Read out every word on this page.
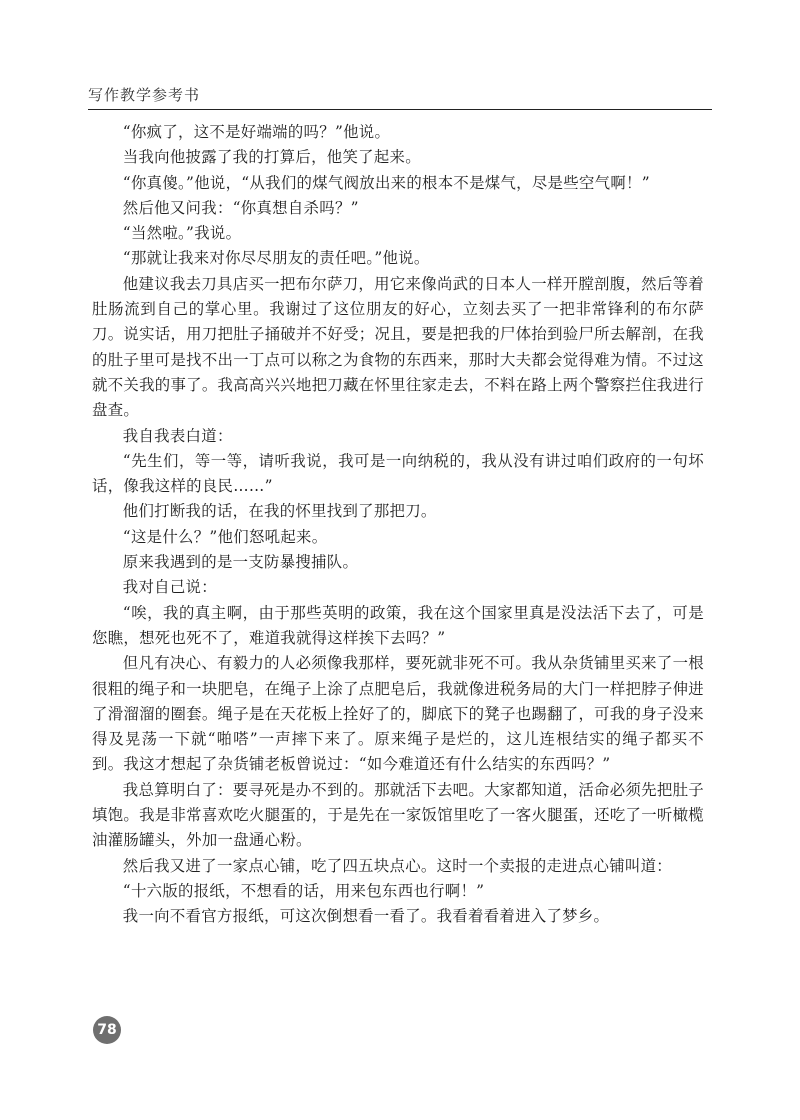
写作教学参考书

“你疯了，这不是好端端的吗？”他说。

当我向他披露了我的打算后，他笑了起来。

“你真傻。”他说，“从我们的煤气阀放出来的根本不是煤气，尽是些空气啊！”

然后他又问我：“你真想自杀吗？”

“当然啦。”我说。

“那就让我来对你尽尽朋友的责任吧。”他说。

他建议我去刀具店买一把布尔萨刀，用它来像尚武的日本人一样开膛剖腹，然后等着肚肠流到自己的掌心里。我谢过了这位朋友的好心，立刻去买了一把非常锋利的布尔萨刀。说实话，用刀把肚子捅破并不好受；况且，要是把我的尸体抬到验尸所去解剖，在我的肚子里可是找不出一丁点可以称之为食物的东西来，那时大夫都会觉得难为情。不过这就不关我的事了。我高高兴兴地把刀藏在怀里往家走去，不料在路上两个警察拦住我进行盘查。

我自我表白道：

“先生们，等一等，请听我说，我可是一向纳税的，我从没有讲过咱们政府的一句坏话，像我这样的良民……”

他们打断我的话，在我的怀里找到了那把刀。

“这是什么？”他们怒吼起来。

原来我遇到的是一支防暴搜捕队。

我对自己说：

“唉，我的真主啊，由于那些英明的政策，我在这个国家里真是没法活下去了，可是您瞧，想死也死不了，难道我就得这样挨下去吗？”

但凡有决心、有毅力的人必须像我那样，要死就非死不可。我从杂货铺里买来了一根很粗的绳子和一块肥皂，在绳子上涂了点肥皂后，我就像进税务局的大门一样把脖子伸进了滑溜溜的圈套。绳子是在天花板上拴好了的，脚底下的凳子也踢翻了，可我的身子没来得及晃荡一下就“啪嗒”一声摔下来了。原来绳子是烂的，这儿连根结实的绳子都买不到。我这才想起了杂货铺老板曾说过：“如今难道还有什么结实的东西吗？”

我总算明白了：要寻死是办不到的。那就活下去吧。大家都知道，活命必须先把肚子填饱。我是非常喜欢吃火腿蛋的，于是先在一家饭馆里吃了一客火腿蛋，还吃了一听橄榄油灌肠罐头，外加一盘通心粉。

然后我又进了一家点心铺，吃了四五块点心。这时一个卖报的走进点心铺叫道：

“十六版的报纸，不想看的话，用来包东西也行啊！”

我一向不看官方报纸，可这次倒想看一看了。我看着看着进入了梦乡。

78
